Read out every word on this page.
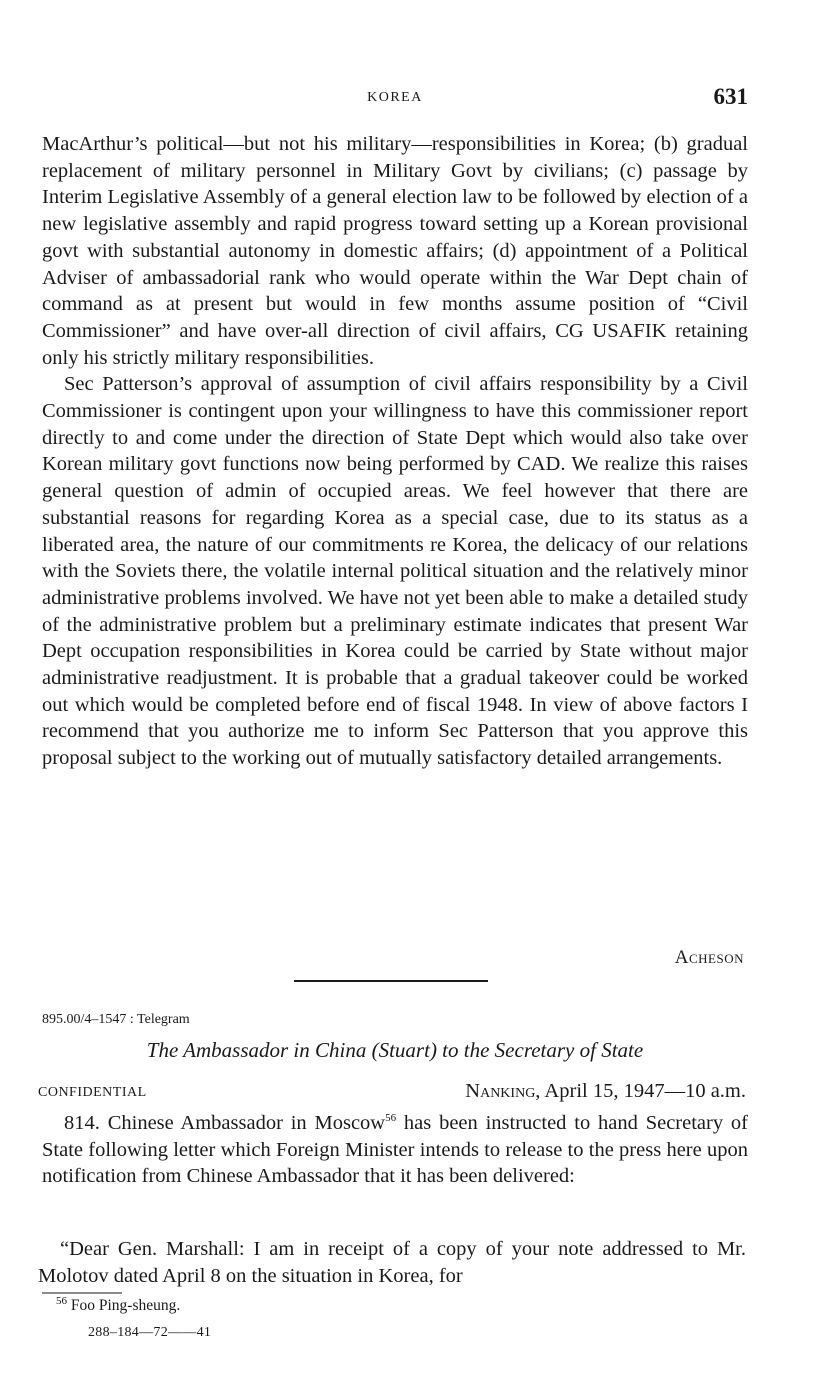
KOREA	631

MacArthur’s political—but not his military—responsibilities in Korea; (b) gradual replacement of military personnel in Military Govt by civilians; (c) passage by Interim Legislative Assembly of a general election law to be followed by election of a new legislative assembly and rapid progress toward setting up a Korean provisional govt with substantial autonomy in domestic affairs; (d) appointment of a Political Adviser of ambassadorial rank who would operate within the War Dept chain of command as at present but would in few months assume position of “Civil Commissioner” and have over-all direction of civil affairs, CG USAFIK retaining only his strictly military responsibilities.

Sec Patterson’s approval of assumption of civil affairs responsibility by a Civil Commissioner is contingent upon your willingness to have this commissioner report directly to and come under the direction of State Dept which would also take over Korean military govt functions now being performed by CAD. We realize this raises general question of admin of occupied areas. We feel however that there are substantial reasons for regarding Korea as a special case, due to its status as a liberated area, the nature of our commitments re Korea, the delicacy of our relations with the Soviets there, the volatile internal political situation and the relatively minor administrative problems involved. We have not yet been able to make a detailed study of the administrative problem but a preliminary estimate indicates that present War Dept occupation responsibilities in Korea could be carried by State without major administrative readjustment. It is probable that a gradual takeover could be worked out which would be completed before end of fiscal 1948. In view of above factors I recommend that you authorize me to inform Sec Patterson that you approve this proposal subject to the working out of mutually satisfactory detailed arrangements.

Acheson
895.00/4–1547 : Telegram
The Ambassador in China (Stuart) to the Secretary of State
CONFIDENTIAL	Nanking, April 15, 1947—10 a.m.

814. Chinese Ambassador in Moscow$^{56}$ has been instructed to hand Secretary of State following letter which Foreign Minister intends to release to the press here upon notification from Chinese Ambassador that it has been delivered:

“Dear Gen. Marshall: I am in receipt of a copy of your note addressed to Mr. Molotov dated April 8 on the situation in Korea, for

$^{56}$ Foo Ping-sheung.
288–184—72——41
